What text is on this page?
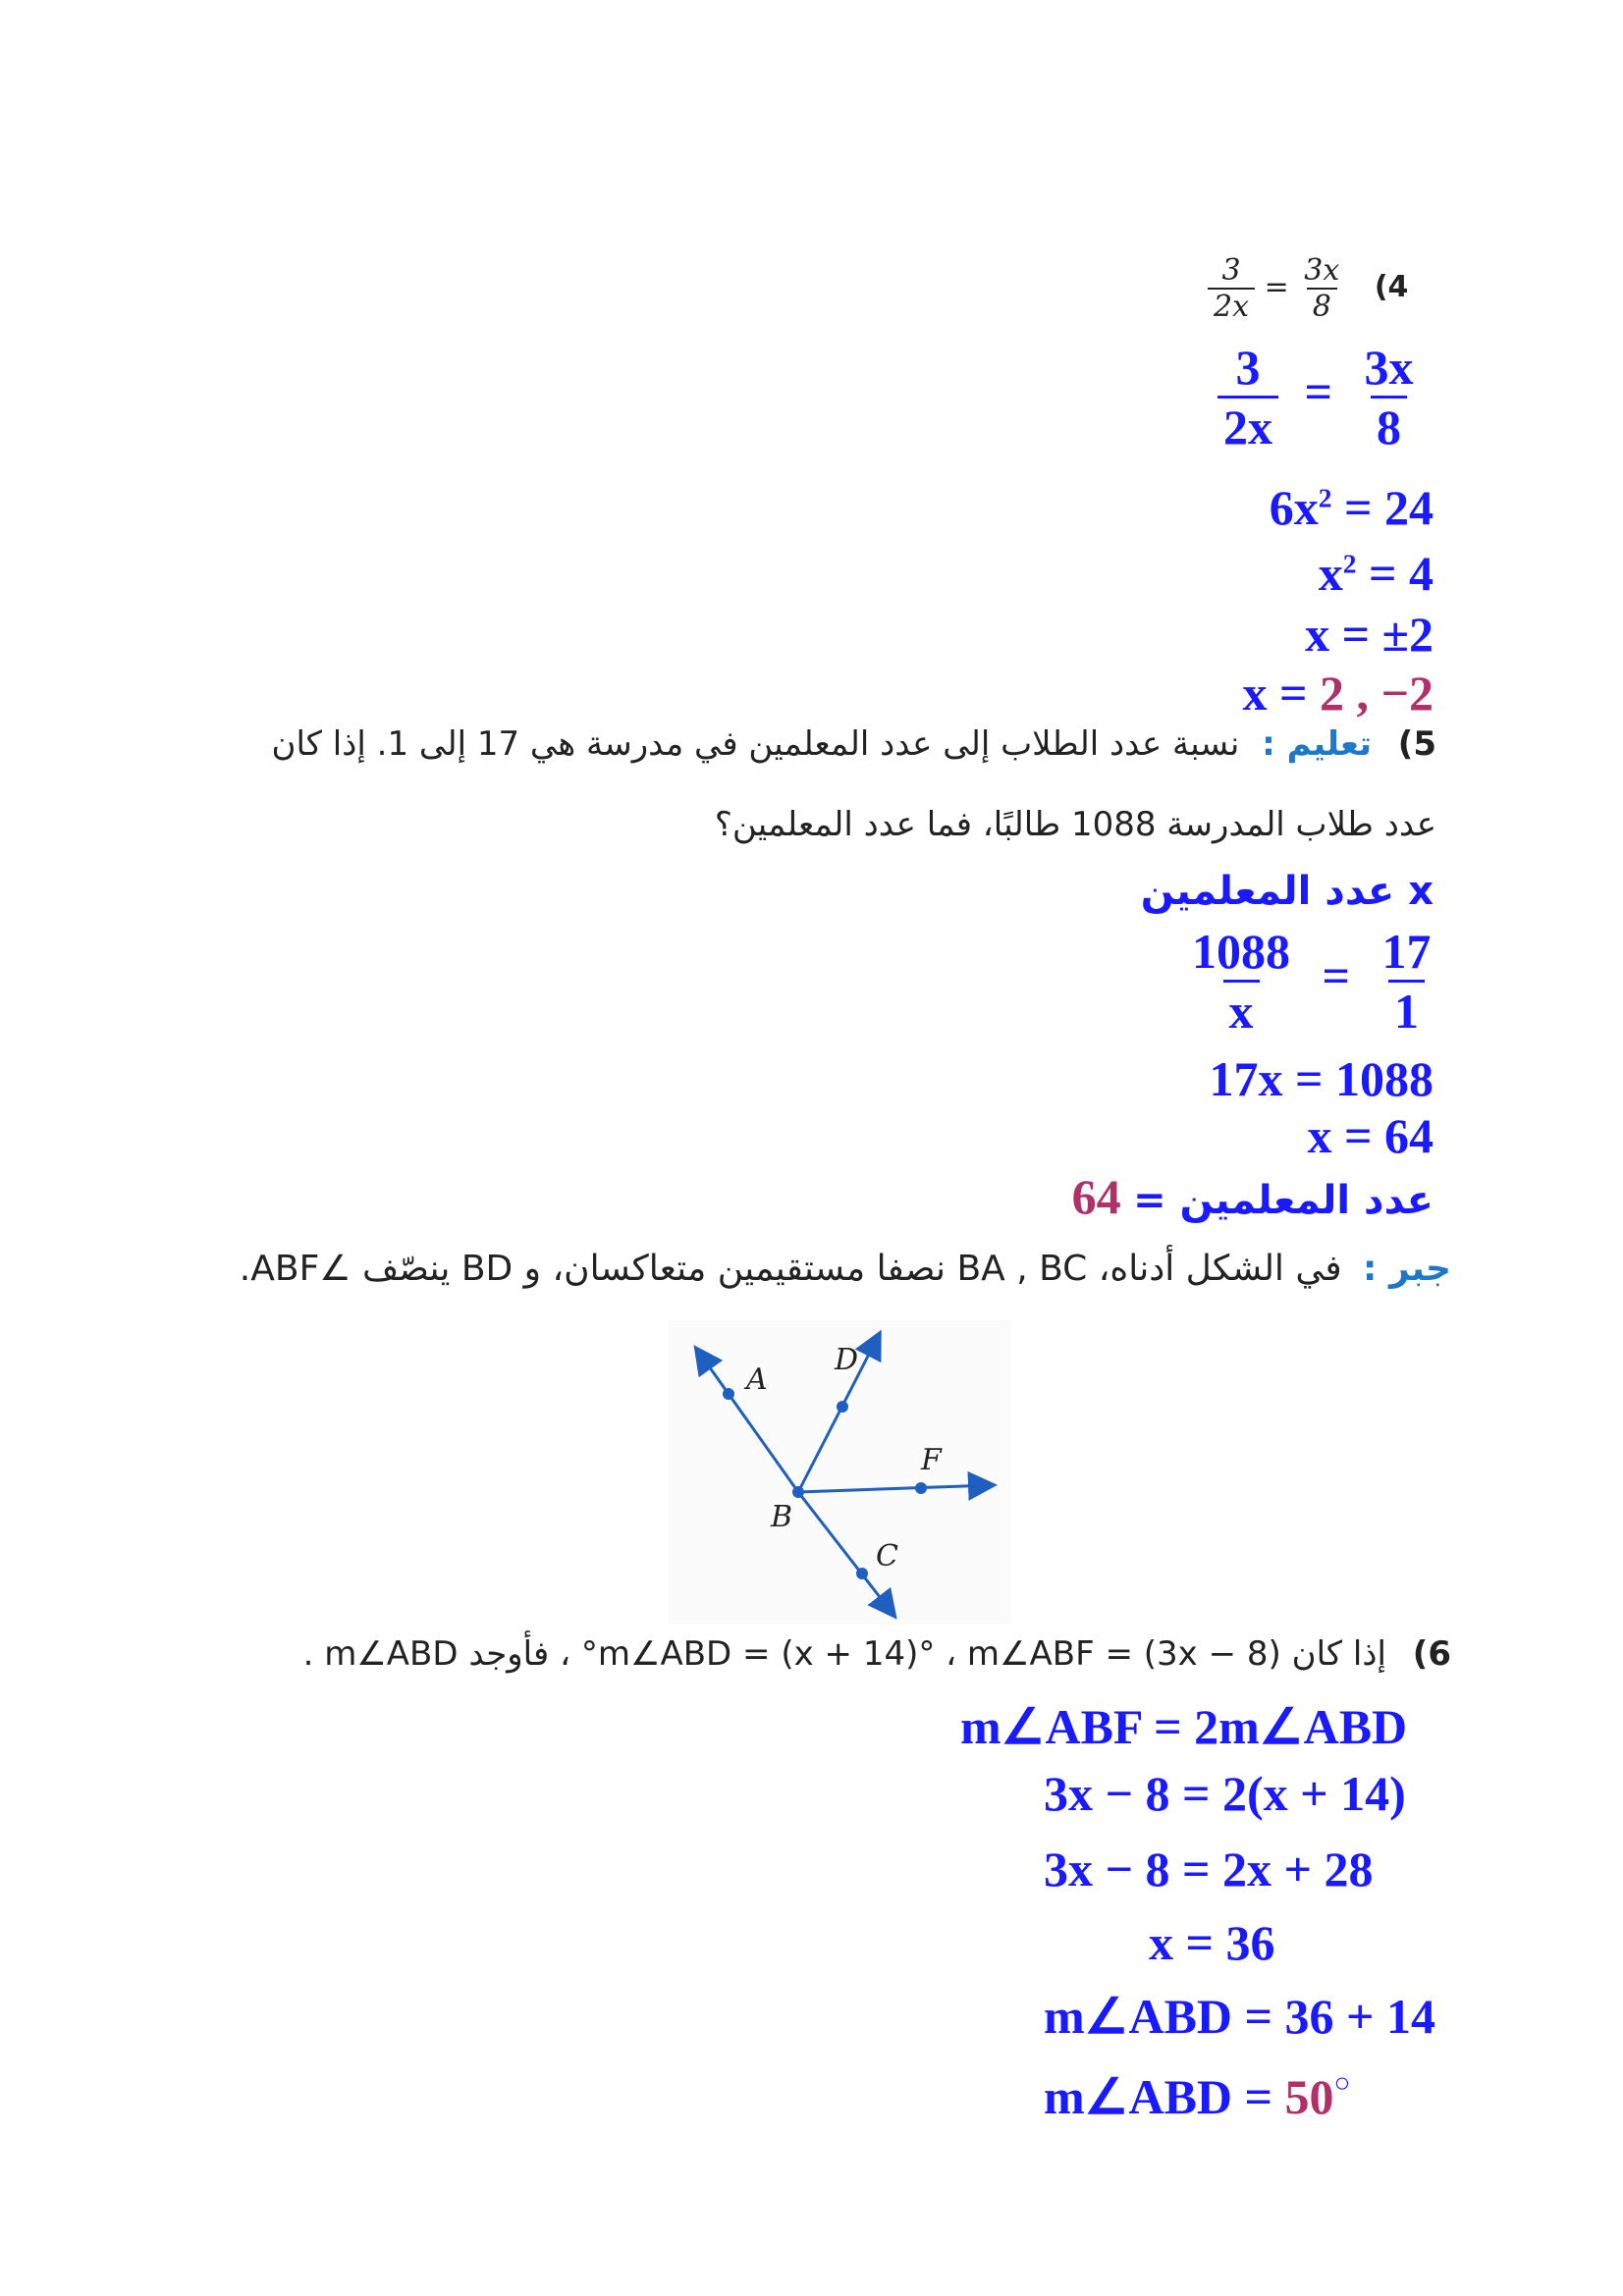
$\frac{3}{2x} = \frac{3x}{8} 4$)
$\frac{3}{2x} = \frac{3x}{8}$
$6x^2 = 24$
$x^2 = 4$
x = ±2
x = 2 , −2
5) تعليم : نسبة عدد الطلاب إلى عدد المعلمين في مدرسة هي 17 إلى 1. إذا كان
عدد طلاب المدرسة 1088 طالبًا، فما عدد المعلمين؟
x عدد المعلمين
$\frac{1088}{x} = \frac{17}{1}$
17x = 1088
x = 64
عدد المعلمين = 64
جبر : في الشكل أدناه، BA , BC نصفا مستقيمين متعاكسان، و BD ينصّف ∠ABF.
A
D
F
B
C
6) إذا كان m∠ABD = (x + 14)° ، m∠ABF = (3x − 8)° ، فأوجد m∠ABD .
m∠ABF = 2m∠ABD
3x − 8 = 2(x + 14)
3x − 8 = 2x + 28
x = 36
m∠ABD = 36 + 14
m∠ABD = 50○
